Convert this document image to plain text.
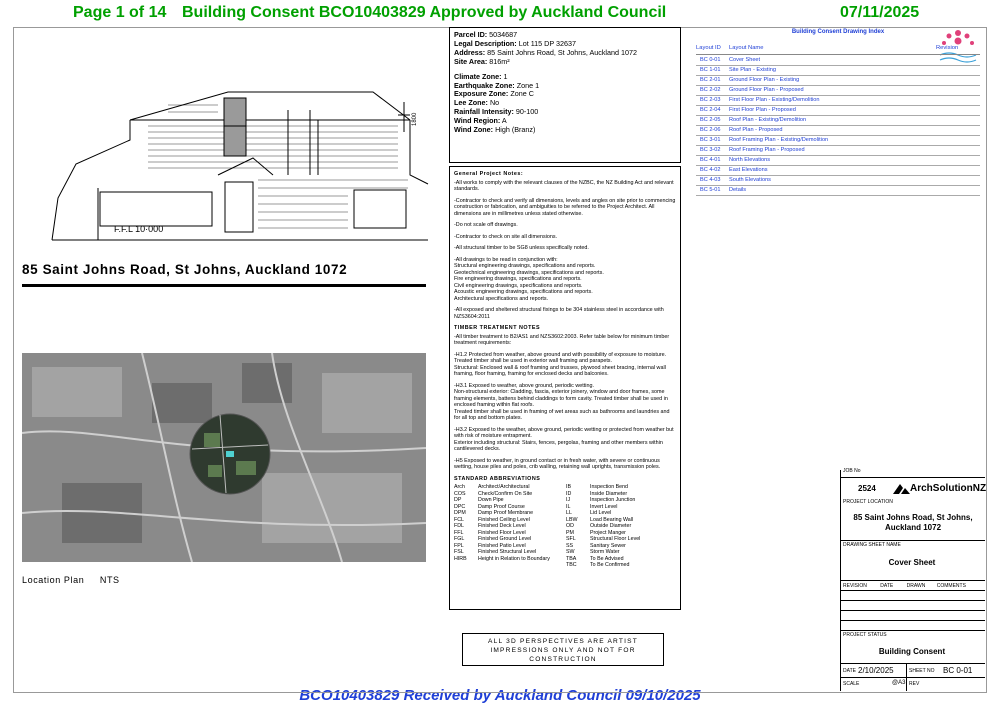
Page 1 of 14 Building Consent BCO10403829 Approved by Auckland Council	07/11/2025
BCO10403829 Received by Auckland Council 09/10/2025
F.F.L 10·000
1800
85 Saint Johns Road, St Johns, Auckland 1072
Location Plan NTS
Parcel ID: 5034687
Legal Description: Lot 115 DP 32637
Address: 85 Saint Johns Road, St Johns, Auckland 1072
Site Area: 816m²
Climate Zone: 1
Earthquake Zone: Zone 1
Exposure Zone: Zone C
Lee Zone: No
Rainfall Intensity: 90-100
Wind Region: A
Wind Zone: High (Branz)

General Project Notes:

-All works to comply with the relevant clauses of the NZBC, the NZ Building Act and relevant standards.

-Contractor to check and verify all dimensions, levels and angles on site prior to commencing construction or fabrication, and ambiguities to be referred to the Project Architect. All dimensions are in millimetres unless stated otherwise.

-Do not scale off drawings.

-Contractor to check on site all dimensions.

-All structural timber to be SG8 unless specifically noted.

-All drawings to be read in conjunction with:
Structural engineering drawings, specifications and reports.
Geotechnical engineering drawings, specifications and reports.
Fire engineering drawings, specifications and reports.
Civil engineering drawings, specifications and reports.
Acoustic engineering drawings, specifications and reports.
Architectural specifications and reports.

-All exposed and sheltered structural fixings to be 304 stainless steel in accordance with NZS3604:2011

TIMBER TREATMENT NOTES

-All timber treatment to B2/AS1 and NZS3602:2003. Refer table below for minimum timber treatment requirements:

-H1.2 Protected from weather, above ground and with possibility of exposure to moisture. Treated timber shall be used in exterior wall framing and parapets.
Structural: Enclosed wall & roof framing and trusses, plywood sheet bracing, internal wall framing, floor framing, framing for enclosed decks and balconies.

-H3.1 Exposed to weather, above ground, periodic wetting.
Non-structural exterior: Cladding, fascia, exterior joinery, window and door frames, some framing elements, battens behind claddings to form cavity. Treated timber shall be used in enclosed framing within flat roofs.
Treated timber shall be used in framing of wet areas such as bathrooms and laundries and for all top and bottom plates.

-H3.2 Exposed to the weather, above ground, periodic wetting or protected from weather but with risk of moisture entrapment.
Exterior including structural: Stairs, fences, pergolas, framing and other members within cantilevered decks.

-H5 Exposed to weather, in ground contact or in fresh water, with severe or continuous wetting, house piles and poles, crib walling, retaining wall uprights, transmission poles.

STANDARD ABBREVIATIONS

Arch	Architect/Architectural	IB	Inspection Bend
COS	Check/Confirm On Site	ID	Inside Diameter
DP	Down Pipe	IJ	Inspection Junction
DPC	Damp Proof Course	IL	Invert Level
DPM	Damp Proof Membrane	LL	Lid Level
FCL	Finished Ceiling Level	LBW	Load Bearing Wall
FDL	Finished Deck Level	OD	Outside Diameter
FFL	Finished Floor Level	PM	Project Manger
FGL	Finished Ground Level	SFL	Structural Floor Level
FPL	Finished Patio Level	SS	Sanitary Sewer
FSL	Finished Structural Level	SW	Storm Water
HIRB	Height in Relation to Boundary	TBA	To Be Advised
TBC	To Be Confirmed
ALL 3D PERSPECTIVES ARE ARTIST IMPRESSIONS ONLY AND NOT FOR CONSTRUCTION
Building Consent Drawing Index
Layout ID Layout Name	Revision
BC 0-01 Cover Sheet
BC 1-01 Site Plan - Existing
BC 2-01 Ground Floor Plan - Existing
BC 2-02 Ground Floor Plan - Proposed
BC 2-03 First Floor Plan - Existing/Demolition
BC 2-04 First Floor Plan - Proposed
BC 2-05 Roof Plan - Existing/Demolition
BC 2-06 Roof Plan - Proposed
BC 3-01 Roof Framing Plan - Existing/Demolition
BC 3-02 Roof Framing Plan - Proposed
BC 4-01 North Elevations
BC 4-02 East Elevations
BC 4-03 South Elevations
BC 5-01 Details
JOB No
2524	ArchSolutionNZ
PROJECT LOCATION
85 Saint Johns Road, St Johns, Auckland 1072
DRAWING SHEET NAME
Cover Sheet
REVISION	DATE	DRAWN COMMENTS
PROJECT STATUS
Building Consent
DATE 2/10/2025	SHEET NO BC 0-01
SCALE	@A3 REV
